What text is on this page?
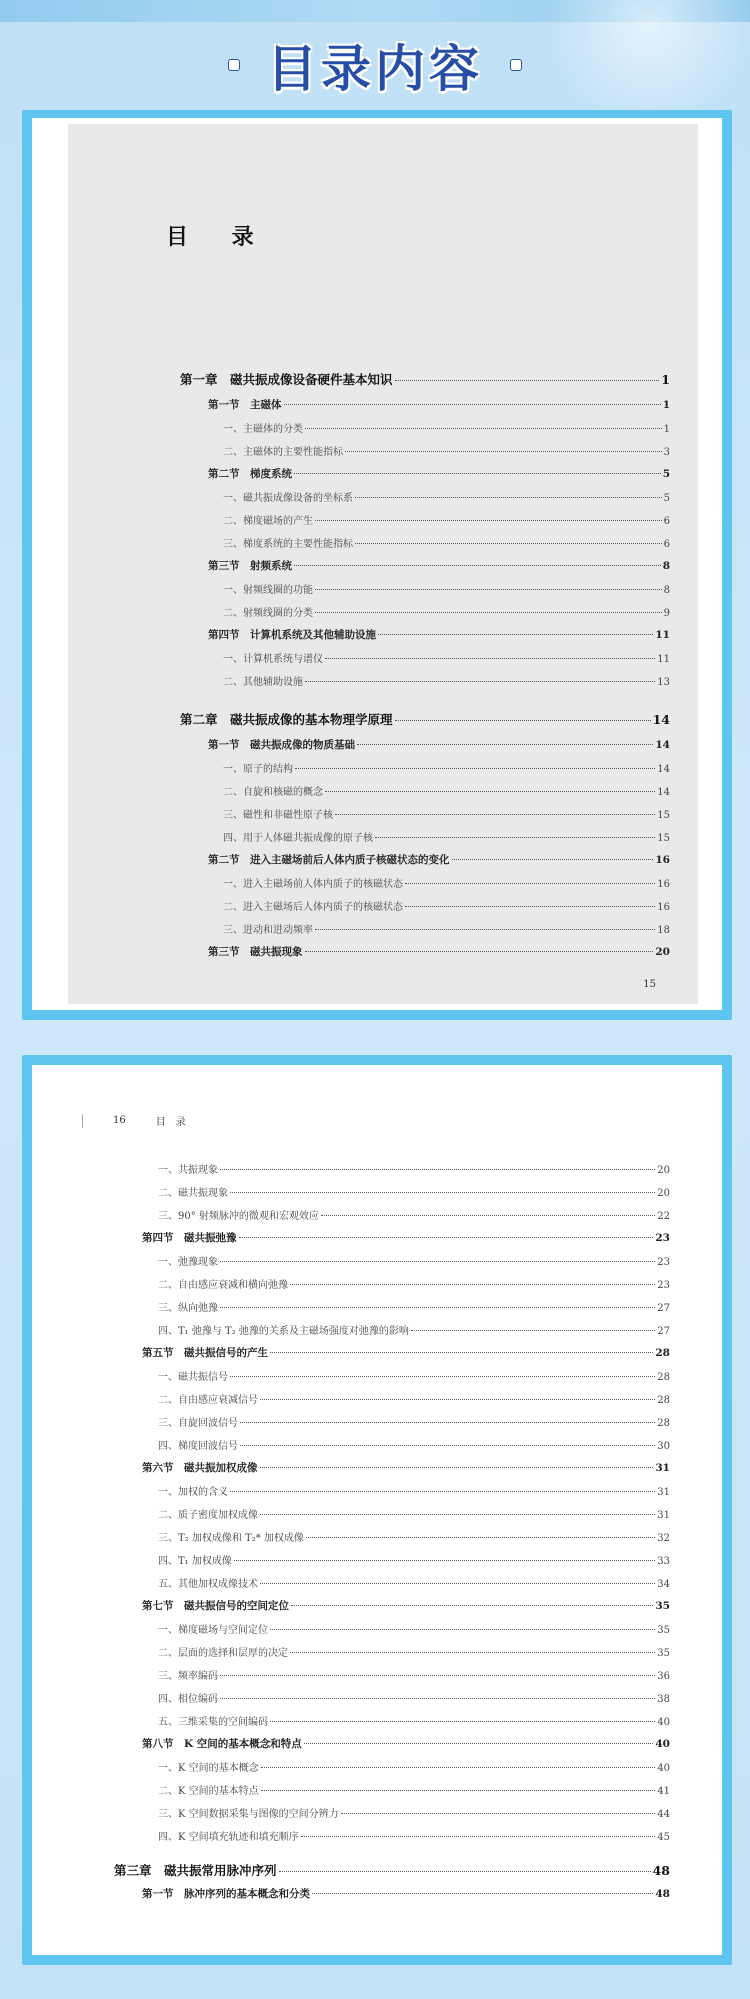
目录内容
目 录
第一章　磁共振成像设备硬件基本知识	1
第一节　主磁体	1
一、主磁体的分类	1
二、主磁体的主要性能指标	3
第二节　梯度系统	5
一、磁共振成像设备的坐标系	5
二、梯度磁场的产生	6
三、梯度系统的主要性能指标	6
第三节　射频系统	8
一、射频线圈的功能	8
二、射频线圈的分类	9
第四节　计算机系统及其他辅助设施	11
一、计算机系统与谱仪	11
二、其他辅助设施	13
第二章　磁共振成像的基本物理学原理	14
第一节　磁共振成像的物质基础	14
一、原子的结构	14
二、自旋和核磁的概念	14
三、磁性和非磁性原子核	15
四、用于人体磁共振成像的原子核	15
第二节　进入主磁场前后人体内质子核磁状态的变化	16
一、进入主磁场前人体内质子的核磁状态	16
二、进入主磁场后人体内质子的核磁状态	16
三、进动和进动频率	18
第三节　磁共振现象	20
15
16	目　录
一、共振现象	20
二、磁共振现象	20
三、90° 射频脉冲的微观和宏观效应	22
第四节　磁共振弛豫	23
一、弛豫现象	23
二、自由感应衰减和横向弛豫	23
三、纵向弛豫	27
四、T₁ 弛豫与 T₂ 弛豫的关系及主磁场强度对弛豫的影响	27
第五节　磁共振信号的产生	28
一、磁共振信号	28
二、自由感应衰减信号	28
三、自旋回波信号	28
四、梯度回波信号	30
第六节　磁共振加权成像	31
一、加权的含义	31
二、质子密度加权成像	31
三、T₂ 加权成像和 T₂* 加权成像	32
四、T₁ 加权成像	33
五、其他加权成像技术	34
第七节　磁共振信号的空间定位	35
一、梯度磁场与空间定位	35
二、层面的选择和层厚的决定	35
三、频率编码	36
四、相位编码	38
五、三维采集的空间编码	40
第八节　K 空间的基本概念和特点	40
一、K 空间的基本概念	40
二、K 空间的基本特点	41
三、K 空间数据采集与图像的空间分辨力	44
四、K 空间填充轨迹和填充顺序	45
第三章　磁共振常用脉冲序列	48
第一节　脉冲序列的基本概念和分类	48
